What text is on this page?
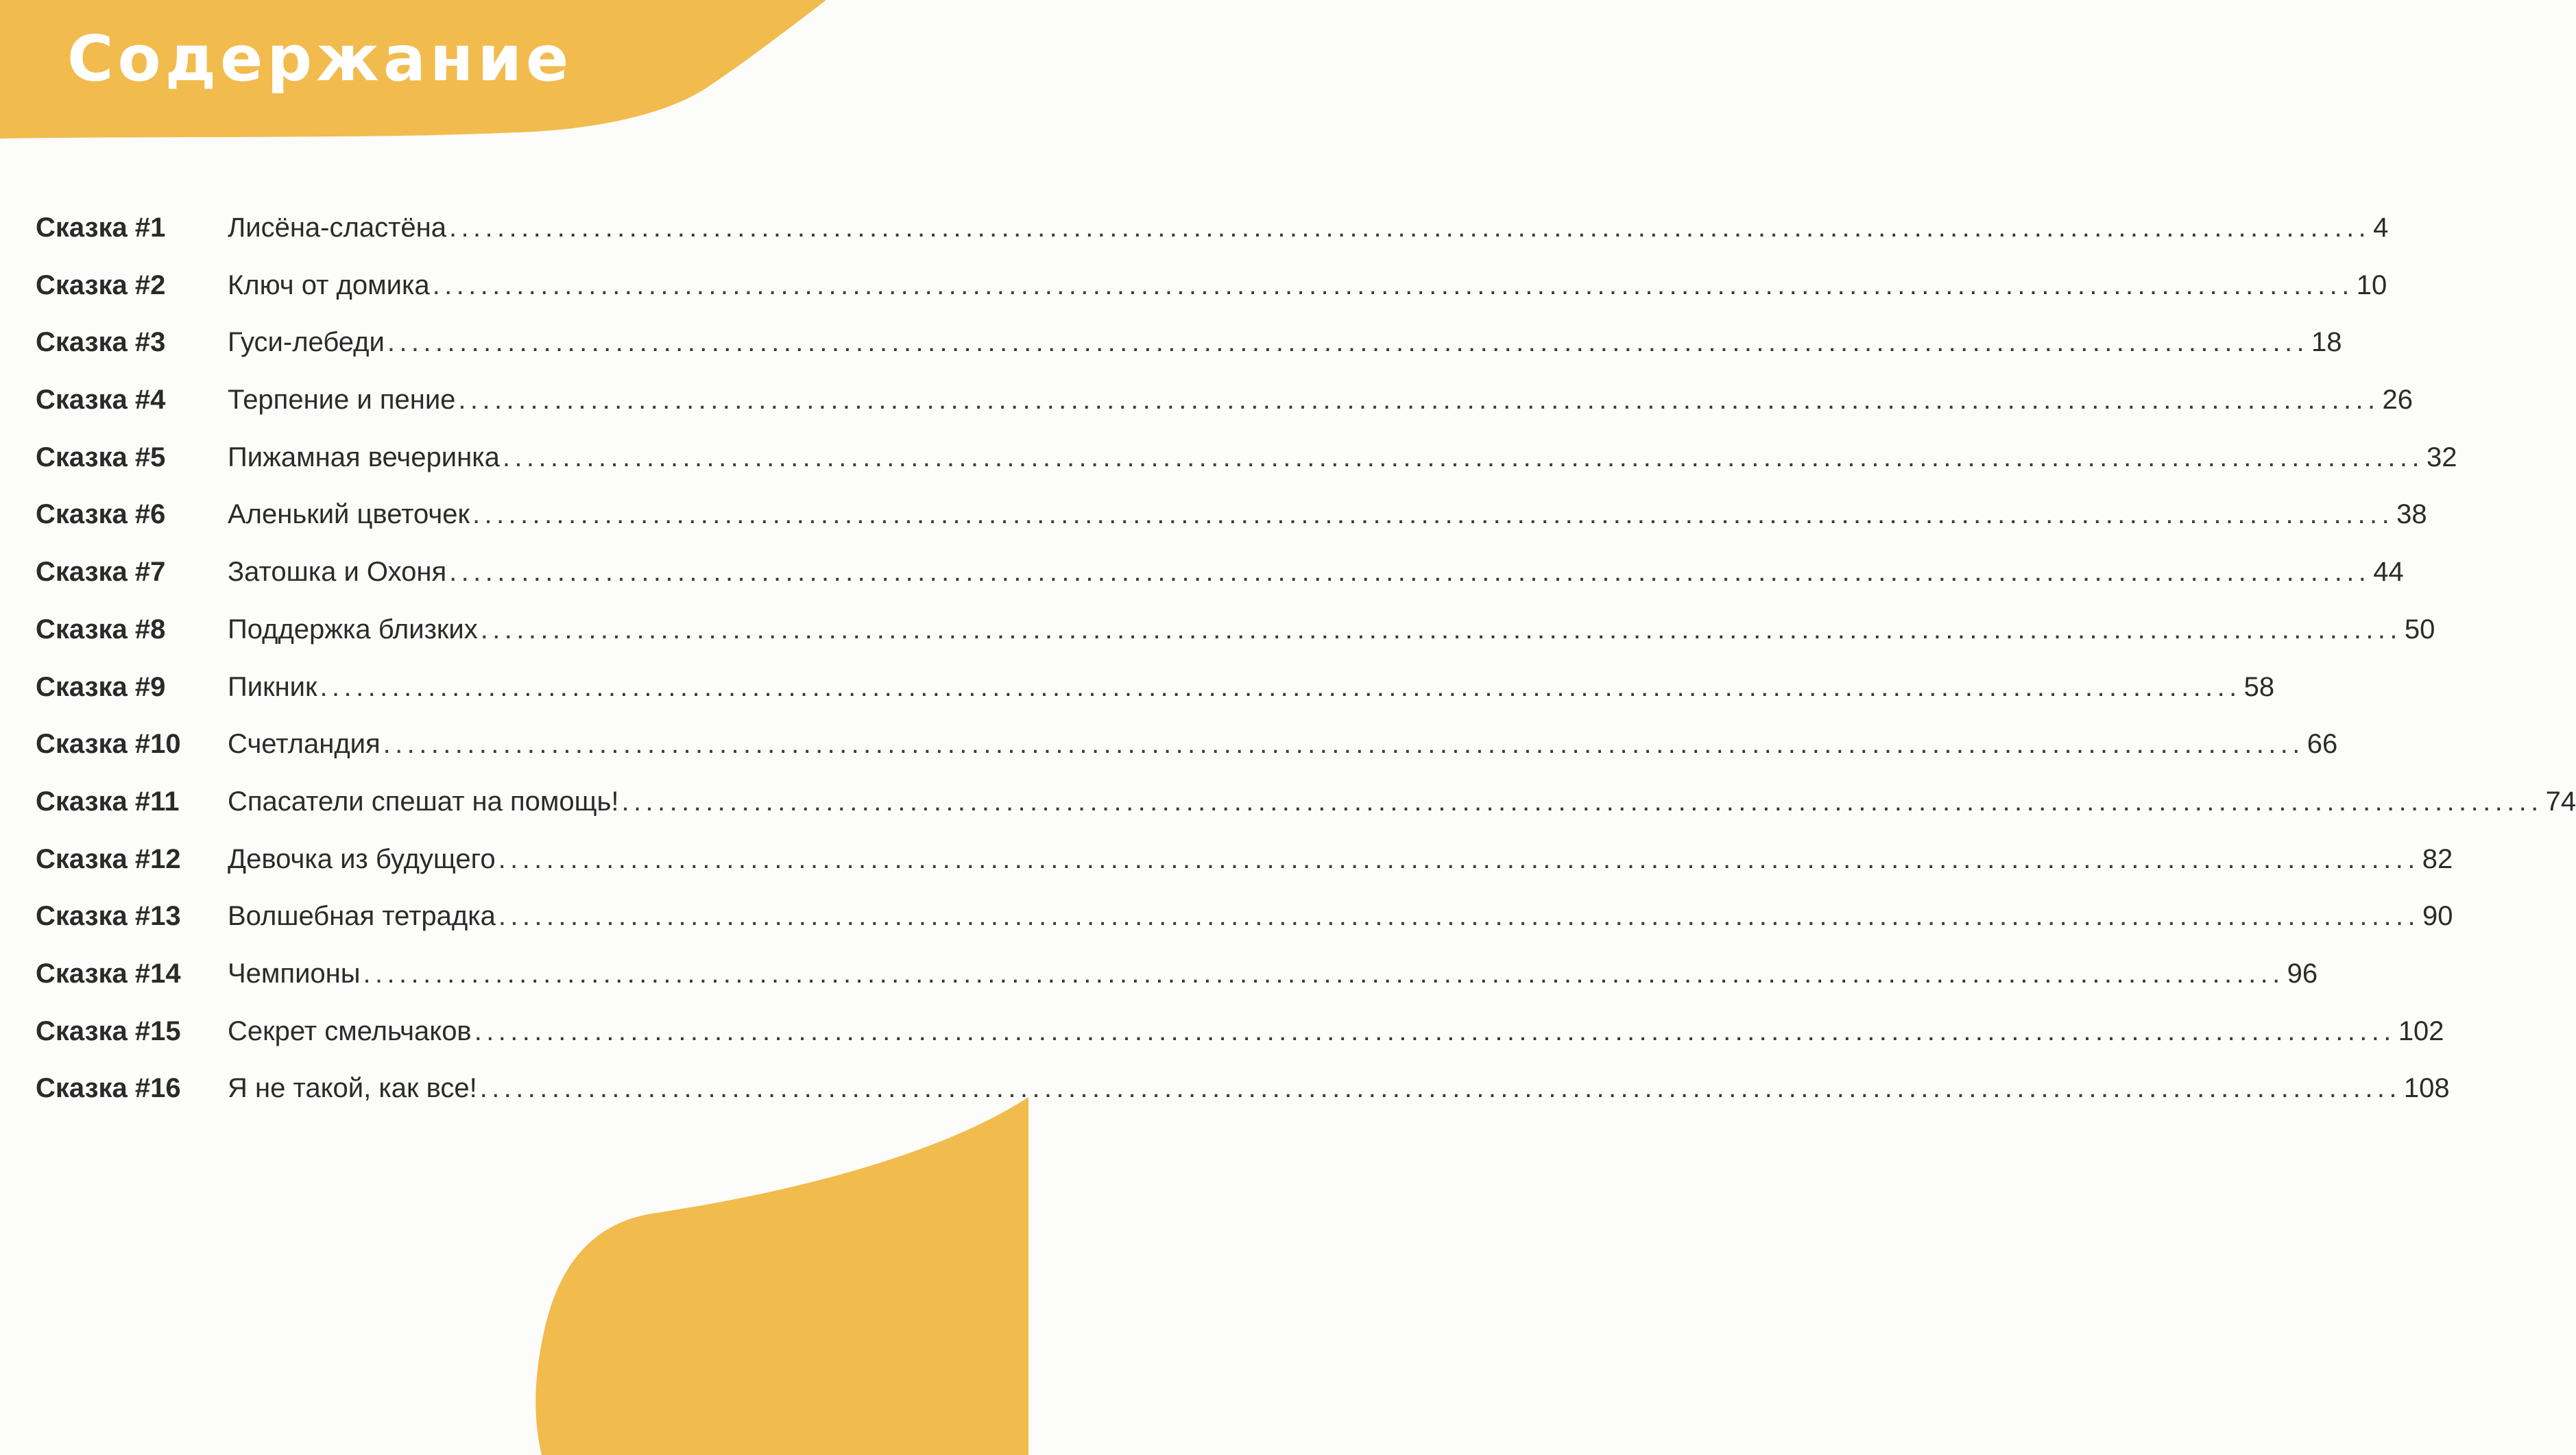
Содержание
Сказка #1	Лисёна-сластёна ................................................................................................................................................................ 4
Сказка #2	Ключ от домика ................................................................................................................................................................ 10
Сказка #3	Гуси-лебеди ................................................................................................................................................................ 18
Сказка #4	Терпение и пение ................................................................................................................................................................ 26
Сказка #5	Пижамная вечеринка ................................................................................................................................................................ 32
Сказка #6	Аленький цветочек ................................................................................................................................................................ 38
Сказка #7	Затошка и Охоня ................................................................................................................................................................ 44
Сказка #8	Поддержка близких ................................................................................................................................................................ 50
Сказка #9	Пикник ................................................................................................................................................................ 58
Сказка #10	Счетландия ................................................................................................................................................................ 66
Сказка #11	Спасатели спешат на помощь! ................................................................................................................................................................ 74
Сказка #12	Девочка из будущего ................................................................................................................................................................ 82
Сказка #13	Волшебная тетрадка ................................................................................................................................................................ 90
Сказка #14	Чемпионы ................................................................................................................................................................ 96
Сказка #15	Секрет смельчаков ................................................................................................................................................................ 102
Сказка #16	Я не такой, как все! ................................................................................................................................................................ 108
